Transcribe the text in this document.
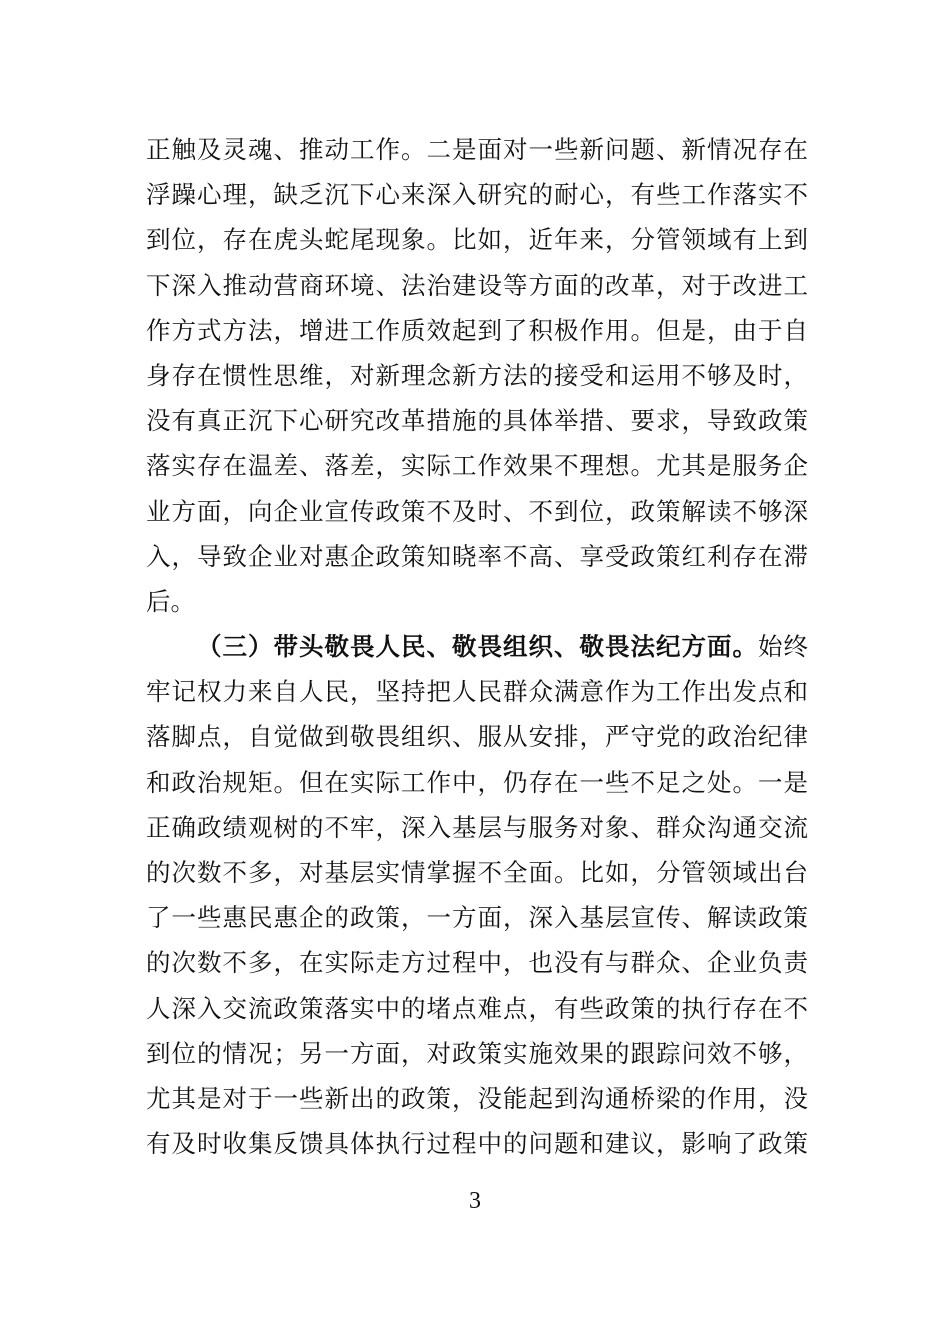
正触及灵魂、推动工作。二是面对一些新问题、新情况存在
浮躁心理，缺乏沉下心来深入研究的耐心，有些工作落实不
到位，存在虎头蛇尾现象。比如，近年来，分管领域有上到
下深入推动营商环境、法治建设等方面的改革，对于改进工
作方式方法，增进工作质效起到了积极作用。但是，由于自
身存在惯性思维，对新理念新方法的接受和运用不够及时，
没有真正沉下心研究改革措施的具体举措、要求，导致政策
落实存在温差、落差，实际工作效果不理想。尤其是服务企
业方面，向企业宣传政策不及时、不到位，政策解读不够深
入，导致企业对惠企政策知晓率不高、享受政策红利存在滞
后。
（三）带头敬畏人民、敬畏组织、敬畏法纪方面。始终
牢记权力来自人民，坚持把人民群众满意作为工作出发点和
落脚点，自觉做到敬畏组织、服从安排，严守党的政治纪律
和政治规矩。但在实际工作中，仍存在一些不足之处。一是
正确政绩观树的不牢，深入基层与服务对象、群众沟通交流
的次数不多，对基层实情掌握不全面。比如，分管领域出台
了一些惠民惠企的政策，一方面，深入基层宣传、解读政策
的次数不多，在实际走方过程中，也没有与群众、企业负责
人深入交流政策落实中的堵点难点，有些政策的执行存在不
到位的情况；另一方面，对政策实施效果的跟踪问效不够，
尤其是对于一些新出的政策，没能起到沟通桥梁的作用，没
有及时收集反馈具体执行过程中的问题和建议，影响了政策
3
